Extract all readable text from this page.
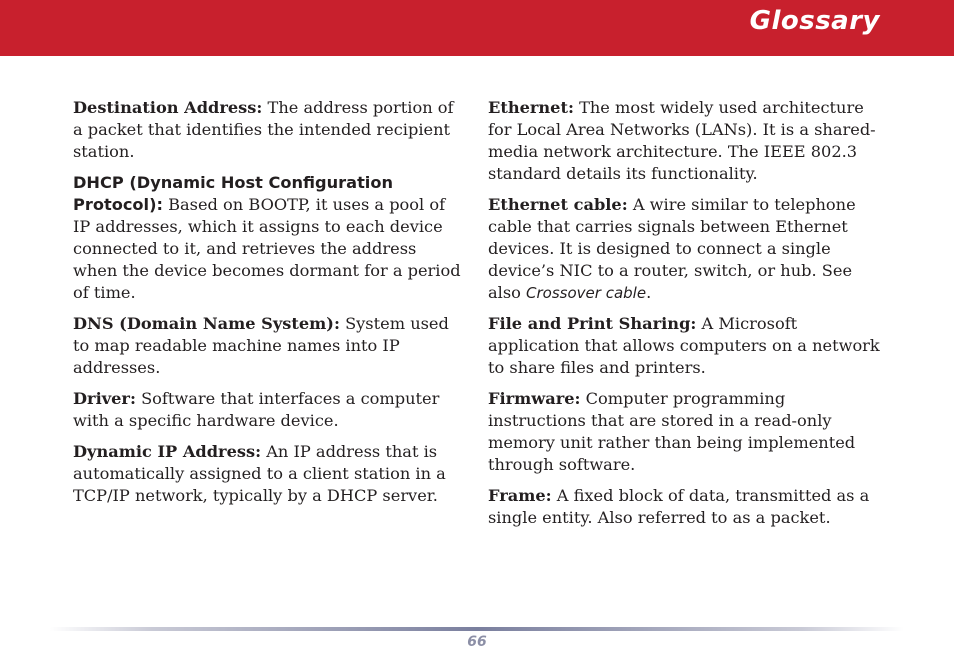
Glossary

Destination Address: The address portion of a packet that identifies the intended recipient station.

DHCP (Dynamic Host Configuration Protocol): Based on BOOTP, it uses a pool of IP addresses, which it assigns to each device connected to it, and retrieves the address when the device becomes dormant for a period of time.

DNS (Domain Name System): System used to map readable machine names into IP addresses.

Driver: Software that interfaces a computer with a specific hardware device.

Dynamic IP Address: An IP address that is automatically assigned to a client station in a TCP/IP network, typically by a DHCP server.

Ethernet: The most widely used architecture for Local Area Networks (LANs). It is a shared-media network architecture. The IEEE 802.3 standard details its functionality.

Ethernet cable: A wire similar to telephone cable that carries signals between Ethernet devices. It is designed to connect a single device’s NIC to a router, switch, or hub. See also Crossover cable.

File and Print Sharing: A Microsoft application that allows computers on a network to share files and printers.

Firmware: Computer programming instructions that are stored in a read-only memory unit rather than being implemented through software.

Frame: A fixed block of data, transmitted as a single entity. Also referred to as a packet.

66
